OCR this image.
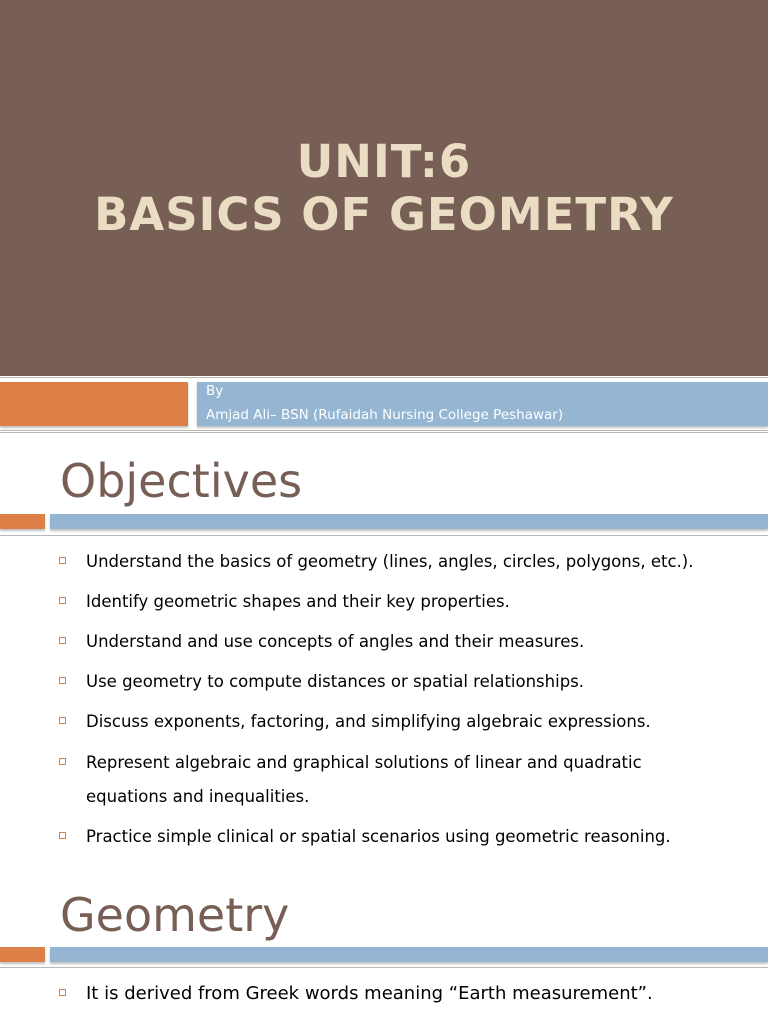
UNIT:6
BASICS OF GEOMETRY
By
Amjad Ali– BSN (Rufaidah Nursing College Peshawar)
Objectives
Understand the basics of geometry (lines, angles, circles, polygons, etc.).
Identify geometric shapes and their key properties.
Understand and use concepts of angles and their measures.
Use geometry to compute distances or spatial relationships.
Discuss exponents, factoring, and simplifying algebraic expressions.
Represent algebraic and graphical solutions of linear and quadratic equations and inequalities.
Practice simple clinical or spatial scenarios using geometric reasoning.
Geometry
It is derived from Greek words meaning “Earth measurement”.
